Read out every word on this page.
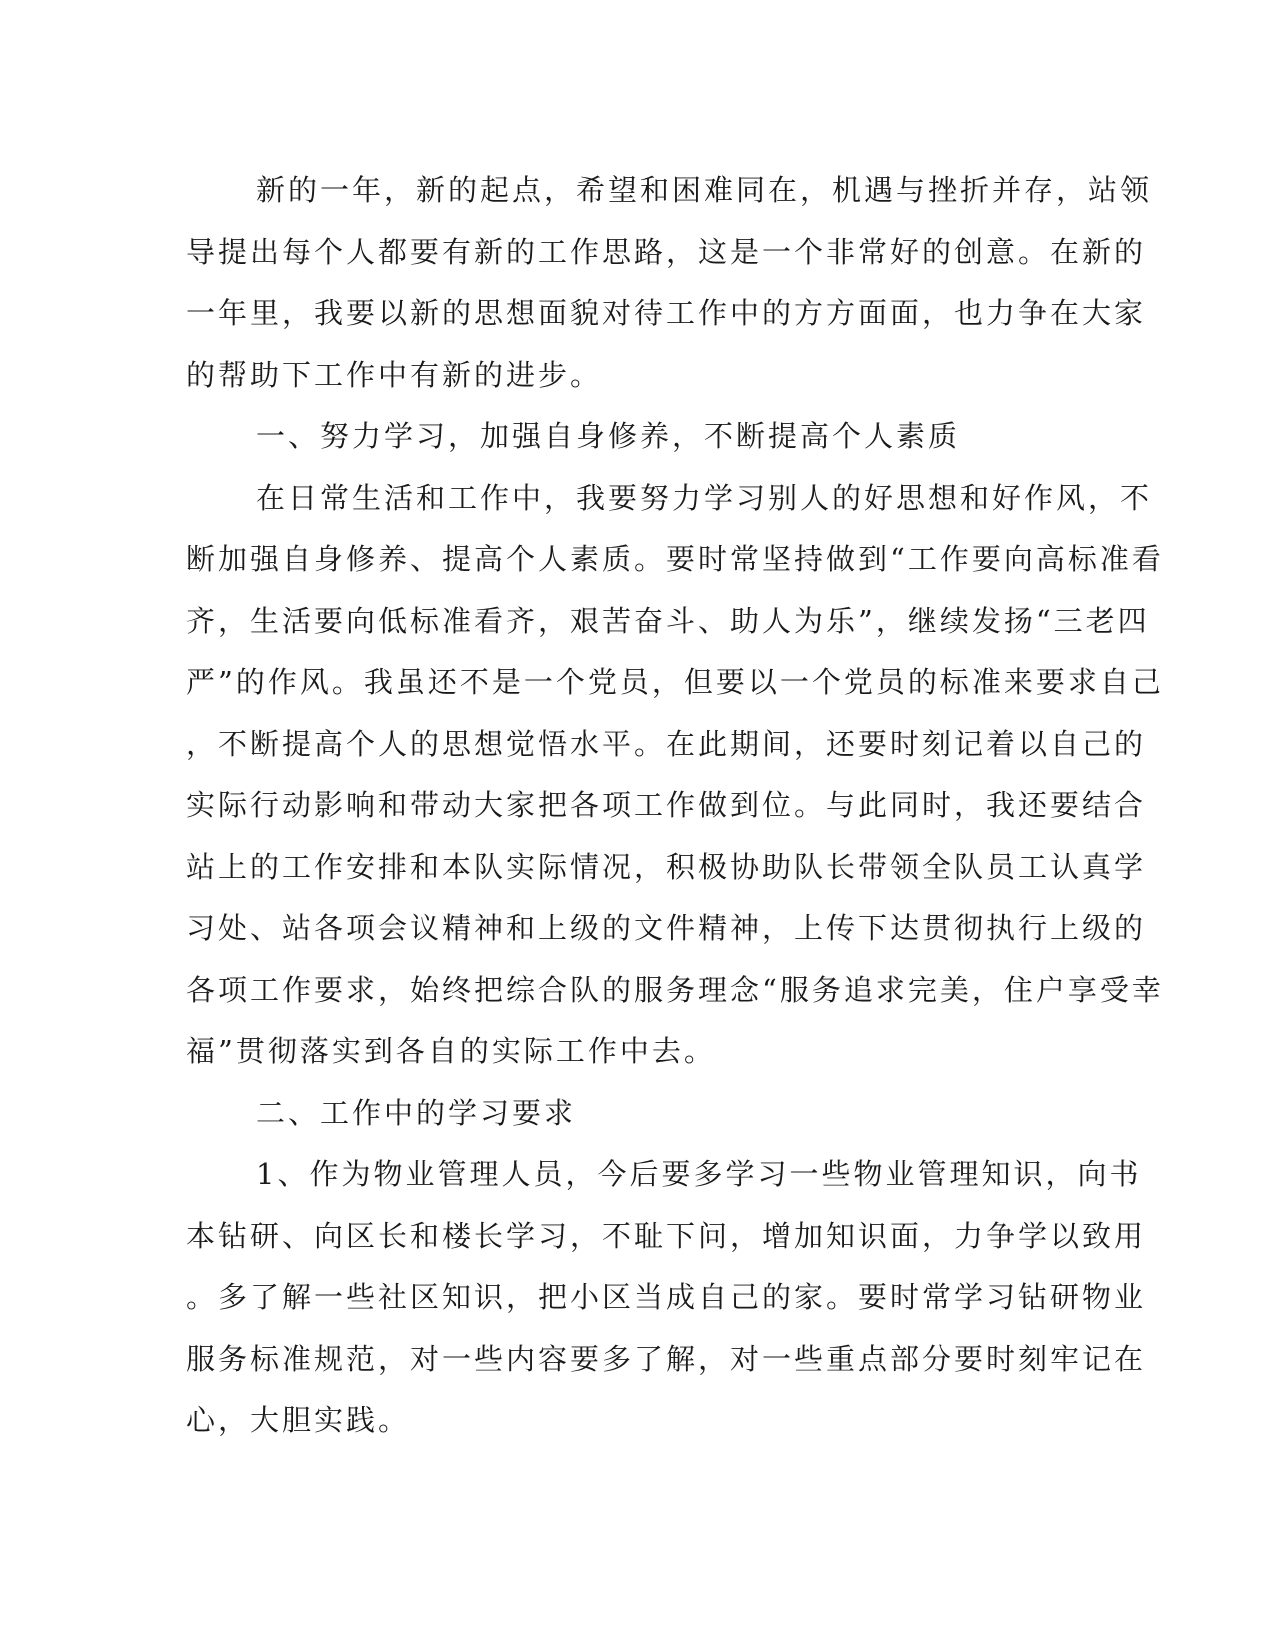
新的一年，新的起点，希望和困难同在，机遇与挫折并存，站领
导提出每个人都要有新的工作思路，这是一个非常好的创意。在新的
一年里，我要以新的思想面貌对待工作中的方方面面，也力争在大家
的帮助下工作中有新的进步。
一、努力学习，加强自身修养，不断提高个人素质
在日常生活和工作中，我要努力学习别人的好思想和好作风，不
断加强自身修养、提高个人素质。要时常坚持做到“工作要向高标准看
齐，生活要向低标准看齐，艰苦奋斗、助人为乐”，继续发扬“三老四
严”的作风。我虽还不是一个党员，但要以一个党员的标准来要求自己
，不断提高个人的思想觉悟水平。在此期间，还要时刻记着以自己的
实际行动影响和带动大家把各项工作做到位。与此同时，我还要结合
站上的工作安排和本队实际情况，积极协助队长带领全队员工认真学
习处、站各项会议精神和上级的文件精神，上传下达贯彻执行上级的
各项工作要求，始终把综合队的服务理念“服务追求完美，住户享受幸
福”贯彻落实到各自的实际工作中去。
二、工作中的学习要求
1、作为物业管理人员，今后要多学习一些物业管理知识，向书
本钻研、向区长和楼长学习，不耻下问，增加知识面，力争学以致用
。多了解一些社区知识，把小区当成自己的家。要时常学习钻研物业
服务标准规范，对一些内容要多了解，对一些重点部分要时刻牢记在
心，大胆实践。
